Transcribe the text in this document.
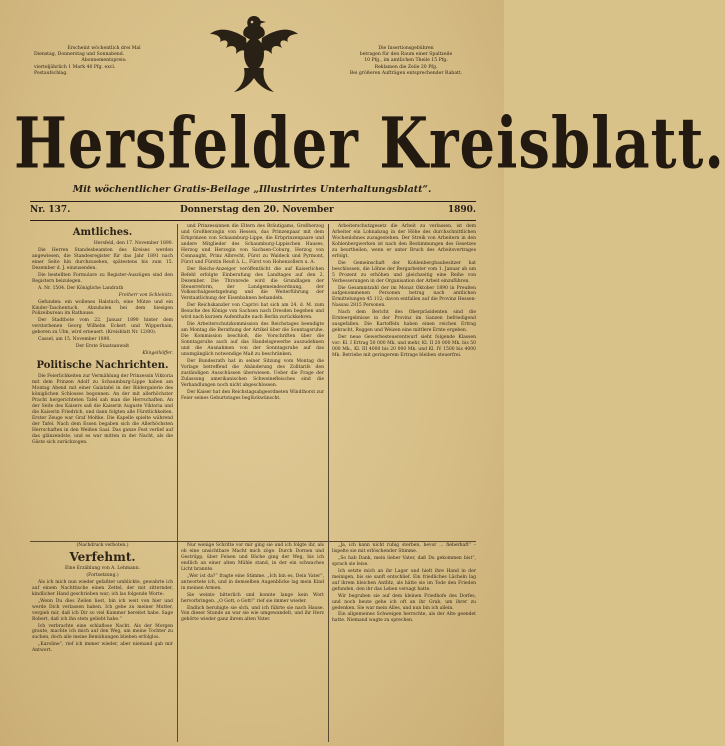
Erscheint wöchentlich drei Mal
Dienstag, Donnerstag und Sonnabend.
Abonnementspreis:
vierteljährlich 1 Mark 40 Pfg. excl.
Postaufschlag.
Die Insertionsgebühren
betragen für den Raum einer Spaltzeile
10 Pfg., im amtlichen Theile 15 Pfg.
Reklamen die Zeile 20 Pfg.
Bei größeren Aufträgen entsprechender Rabatt.
Hersfelder Kreisblatt.
Mit wöchentlicher Gratis-Beilage „Illustrirtes Unterhaltungsblatt“.
Nr. 137.	Donnerstag den 20. November	1890.
Amtliches.

Hersfeld, den 17. November 1890.

Die Herren Standesbeamten des Kreises werden angewiesen, die Standesregister für das Jahr 1891 nach einer Seite hin durchzusehen, spätestens bis zum 15. Dezember d. J. einzusenden.

Die bestellten Formulare zu Register-Auszügen sind den Registern beizulegen.

A. Nr. 1504. Der Königliche Landrath

Freiherr von Schleinitz.

Gefunden: ein wollenes Halstuch, eine Mütze und ein Kinder-Taschentuch. Abzuholen bei dem hiesigen Polizeibureau im Rathause.

Der Stadtbote vom 22. Januar 1890 hinter dem verstorbenen Georg Wilhelm Eckert und Wipperhain, geboren zu Ulm, wird erneuert. (Kreisblatt Nr. 12/80).

Cassel, am 15. November 1890.

Der Erste Staatsanwalt

Klingelhöffer.

Politische Nachrichten.

Die Feierlichkeiten zur Vermählung der Prinzessin Viktoria mit dem Prinzen Adolf zu Schaumburg-Lippe haben am Montag Abend mit einer Galatafel in der Bildergalerie des königlichen Schlosses begonnen. An der mit allerhöchster Pracht hergerichteten Tafel sah man die Herrschaften. An der Seite des Kaisers saß die Kaiserin Auguste Viktoria und die Kaiserin Friedrich, und dann folgten alle Fürstlichkeiten. Erster Zeuge war Graf Moltke. Die Kapelle spielte während der Tafel. Nach dem Essen begaben sich die Allerhöchsten Herrschaften in den Weißen Saal. Das ganze Fest verlief auf das glänzendste, und es war mitten in der Nacht, als die Gäste sich zurückzogen.

und Prinzessinnen die Eltern des Bräutigams, Großherzog und Großherzogin von Hessen, das Prinzenpaar mit dem Erbprinzen von Schaumburg-Lippe, die Erbprinzenpaare und andere Mitglieder des Schaumburg-Lippischen Hauses, Herzog und Herzogin von Sachsen-Coburg, Herzog von Connaught, Prinz Albrecht, Fürst zu Waldeck und Pyrmont, Fürst und Fürstin Reuß ä. L., Fürst von Hohenzollern u. A.

Der Reichs-Anzeiger veröffentlicht die auf Kaiserlichen Befehl erfolgte Einberufung des Landtages auf den 2. Dezember. Die Thronrede wird die Grundlagen der Steuerreform, der Landgemeindeordnung, der Volksschulgesetzgebung und die Weiterführung der Verstaatlichung der Eisenbahnen behandeln.

Der Reichskanzler von Caprivi hat sich am 24. d. M. zum Besuche des Königs von Sachsen nach Dresden begeben und wird nach kurzem Aufenthalte nach Berlin zurückkehren.

Die Arbeiterschutzkommission des Reichstages beendigte am Montag die Berathung der Artikel über die Sonntagsruhe. Die Kommission beschloß, die Vorschriften über die Sonntagsruhe auch auf das Handelsgewerbe auszudehnen und die Ausnahmen von der Sonntagsruhe auf das unumgänglich notwendige Maß zu beschränken.

Der Bundesrath hat in seiner Sitzung vom Montag die Vorlage betreffend die Abänderung des Zolltarifs den zuständigen Ausschüssen überwiesen. Ueber die Frage der Zulassung amerikanischen Schweinefleisches sind die Verhandlungen noch nicht abgeschlossen.

Der Kaiser hat den Reichstagsabgeordneten Windthorst zur Feier seines Geburtstages beglückwünscht.

Arbeiterschutzgesetz die Arbeit zu verlassen, ist dem Arbeiter ein Lohnabzug in der Höhe des durchschnittlichen Wochenlohnes zuzugestehen. Der Streik von Arbeitern in den Kohlenbergwerken ist nach den Bestimmungen des Gesetzes zu beurtheilen, wenn er unter Bruch des Arbeitsvertrages erfolgt.

Die Gemeinschaft der Kohlenbergbaubesitzer hat beschlossen, die Löhne der Bergarbeiter vom 1. Januar ab um 5 Prozent zu erhöhen und gleichzeitig eine Reihe von Verbesserungen in der Organisation der Arbeit einzuführen.

Die Gesammtzahl der im Monat Oktober 1890 in Preußen aufgenommenen Personen betrug nach amtlichen Ermittelungen 45 112; davon entfallen auf die Provinz Hessen-Nassau 2815 Personen.

Nach dem Bericht des Oberpräsidenten sind die Ernteergebnisse in der Provinz im Ganzen befriedigend ausgefallen. Die Kartoffeln haben einen reichen Ertrag gebracht, Roggen und Weizen eine mittlere Ernte ergeben.

Der neue Gewerbesteuerentwurf sieht folgende Klassen vor: Kl. I Ertrag 50 000 Mk. und mehr, Kl. II 20 000 Mk. bis 50 000 Mk., Kl. III 4000 bis 20 000 Mk. und Kl. IV 1500 bis 4000 Mk. Betriebe mit geringerem Ertrage bleiben steuerfrei.

(Nachdruck verboten.)

Verfehmt.

Eine Erzählung von A. Lehmann.

(Fortsetzung.)

Als ich mich nun wieder gefaßter umblickte, gewahrte ich auf einem Nachttische einen Zettel, der mit zitternder, kindlicher Hand geschrieben war; ich las folgende Worte:

„Wenn Du dies Zeilen liest, bin ich weit von hier und werde Dich verlassen haben. Ich gehe zu meiner Mutter, vergieb mir, daß ich Dir so viel Kummer bereitet habe. Sage Robert, daß ich ihn stets geliebt habe.“

Ich verbrachte eine schlaflose Nacht. Als der Morgen graute, machte ich mich auf den Weg, um meine Tochter zu suchen, doch alle meine Bemühungen blieben erfolglos.

„Karoline“, rief ich immer wieder, aber niemand gab mir Antwort.

Nur wenige Schritte vor mir ging sie und ich folgte ihr, als ob eine unsichtbare Macht mich zöge. Durch Dornen und Gestrüpp, über Felsen und Bäche ging der Weg, bis ich endlich an einer alten Mühle stand, in der ein schwaches Licht brannte.

„Wer ist da?“ fragte eine Stimme. „Ich bin es, Dein Vater“, antwortete ich, und in demselben Augenblicke lag mein Kind in meinen Armen.

Sie weinte bitterlich und konnte lange kein Wort hervorbringen. „O Gott, o Gott!“ rief sie immer wieder.

Endlich beruhigte sie sich, und ich führte sie nach Hause. Von dieser Stunde an war sie wie umgewandelt, und ihr Herz gehörte wieder ganz ihrem alten Vater.

„Ja, ich kann nicht ruhig sterben, bevor ... fieberhaft“ – lispelte sie mit erlöschender Stimme.

„So hab Dank, mein lieber Vater, daß Du gekommen bist“, sprach sie leise.

Ich setzte mich an ihr Lager und hielt ihre Hand in der meinigen, bis sie sanft entschlief. Ein friedliches Lächeln lag auf ihrem bleichen Antlitz, als hätte sie im Tode den Frieden gefunden, den ihr das Leben versagt hatte.

Wir begruben sie auf dem kleinen Friedhofe des Dorfes, und noch heute gehe ich oft an ihr Grab, um ihrer zu gedenken. Sie war mein Alles, und nun bin ich allein.

Ein allgemeines Schweigen herrschte, als der Alte geendet hatte. Niemand wagte zu sprechen.
